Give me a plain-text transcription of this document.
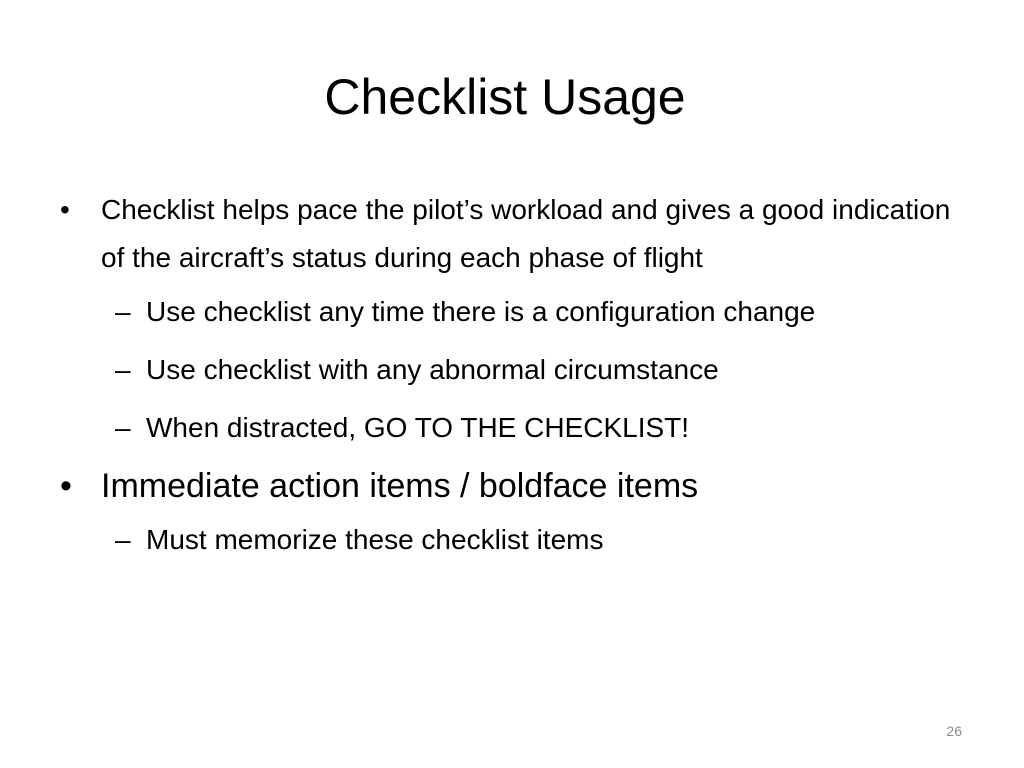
Checklist Usage
• Checklist helps pace the pilot’s workload and gives a good indication of the aircraft’s status during each phase of flight
– Use checklist any time there is a configuration change
– Use checklist with any abnormal circumstance
– When distracted, GO TO THE CHECKLIST!
• Immediate action items / boldface items
– Must memorize these checklist items
26
